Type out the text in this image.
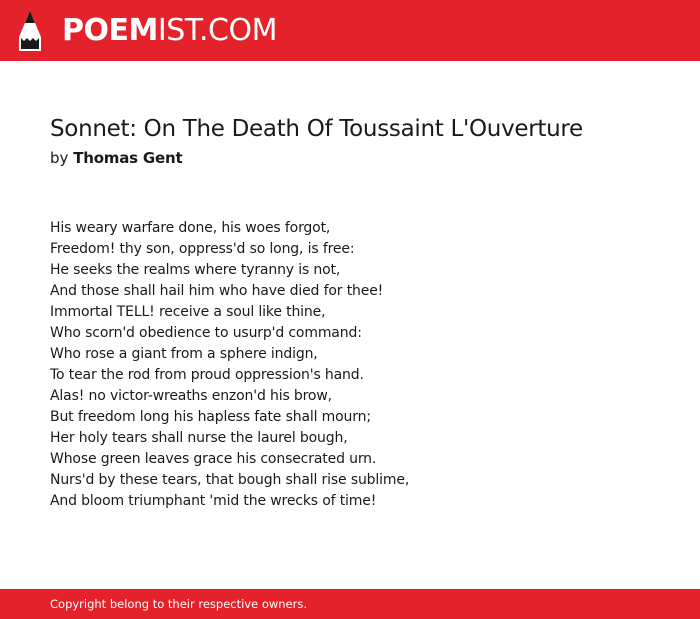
POEMIST.COM
Sonnet: On The Death Of Toussaint L'Ouverture
by Thomas Gent
His weary warfare done, his woes forgot,
Freedom! thy son, oppress'd so long, is free:
He seeks the realms where tyranny is not,
And those shall hail him who have died for thee!
Immortal TELL! receive a soul like thine,
Who scorn'd obedience to usurp'd command:
Who rose a giant from a sphere indign,
To tear the rod from proud oppression's hand.
Alas! no victor-wreaths enzon'd his brow,
But freedom long his hapless fate shall mourn;
Her holy tears shall nurse the laurel bough,
Whose green leaves grace his consecrated urn.
Nurs'd by these tears, that bough shall rise sublime,
And bloom triumphant 'mid the wrecks of time!
Copyright belong to their respective owners.
